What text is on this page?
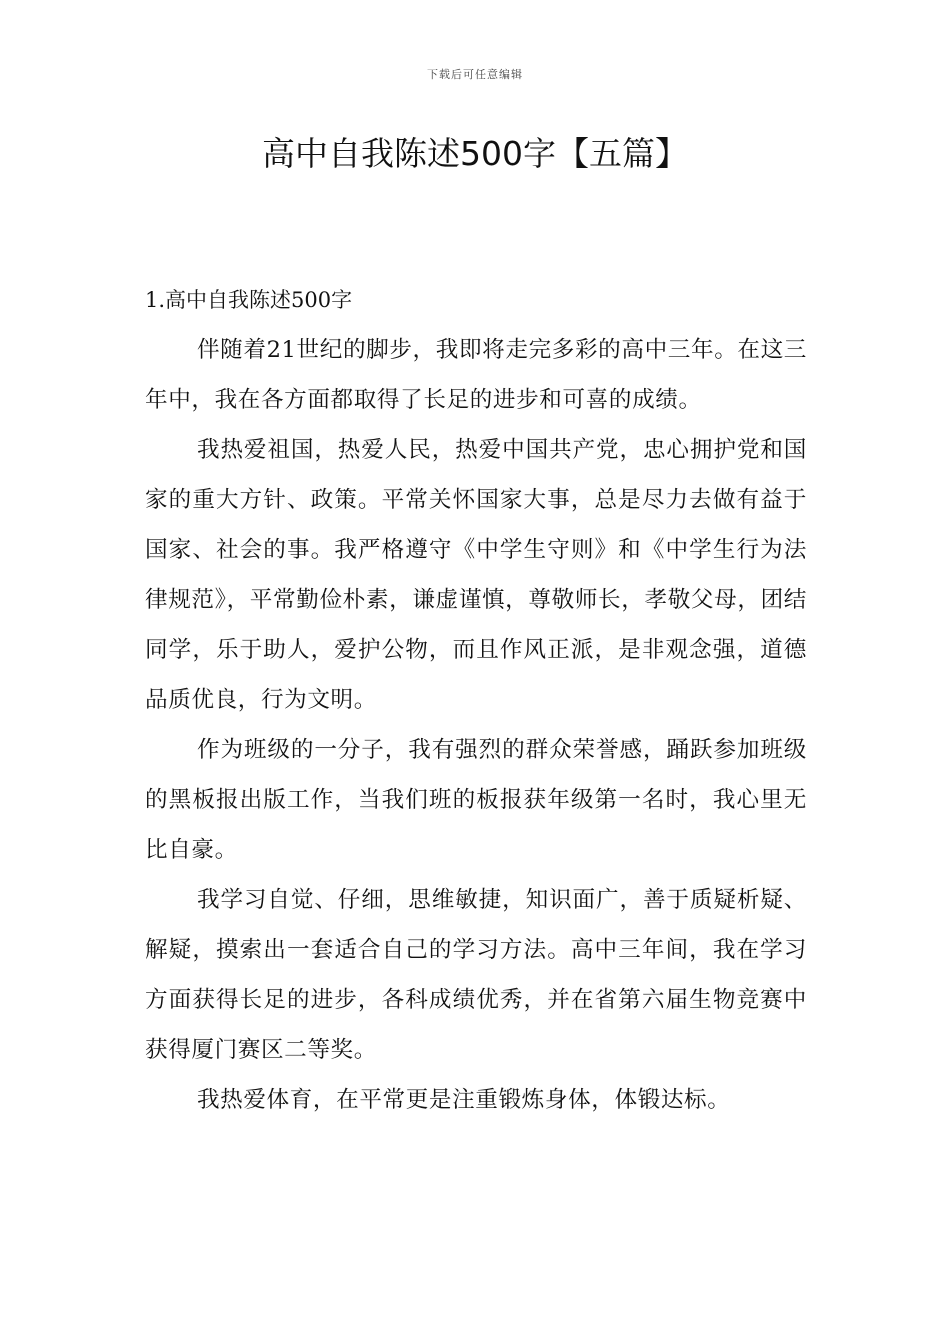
下载后可任意编辑
高中自我陈述500字【五篇】

1.高中自我陈述500字

伴随着21世纪的脚步，我即将走完多彩的高中三年。在这三年中，我在各方面都取得了长足的进步和可喜的成绩。

我热爱祖国，热爱人民，热爱中国共产党，忠心拥护党和国家的重大方针、政策。平常关怀国家大事，总是尽力去做有益于国家、社会的事。我严格遵守《中学生守则》和《中学生行为法律规范》，平常勤俭朴素，谦虚谨慎，尊敬师长，孝敬父母，团结同学，乐于助人，爱护公物，而且作风正派，是非观念强，道德品质优良，行为文明。

作为班级的一分子，我有强烈的群众荣誉感，踊跃参加班级的黑板报出版工作，当我们班的板报获年级第一名时，我心里无比自豪。

我学习自觉、仔细，思维敏捷，知识面广，善于质疑析疑、解疑，摸索出一套适合自己的学习方法。高中三年间，我在学习方面获得长足的进步，各科成绩优秀，并在省第六届生物竞赛中获得厦门赛区二等奖。

我热爱体育，在平常更是注重锻炼身体，体锻达标。
